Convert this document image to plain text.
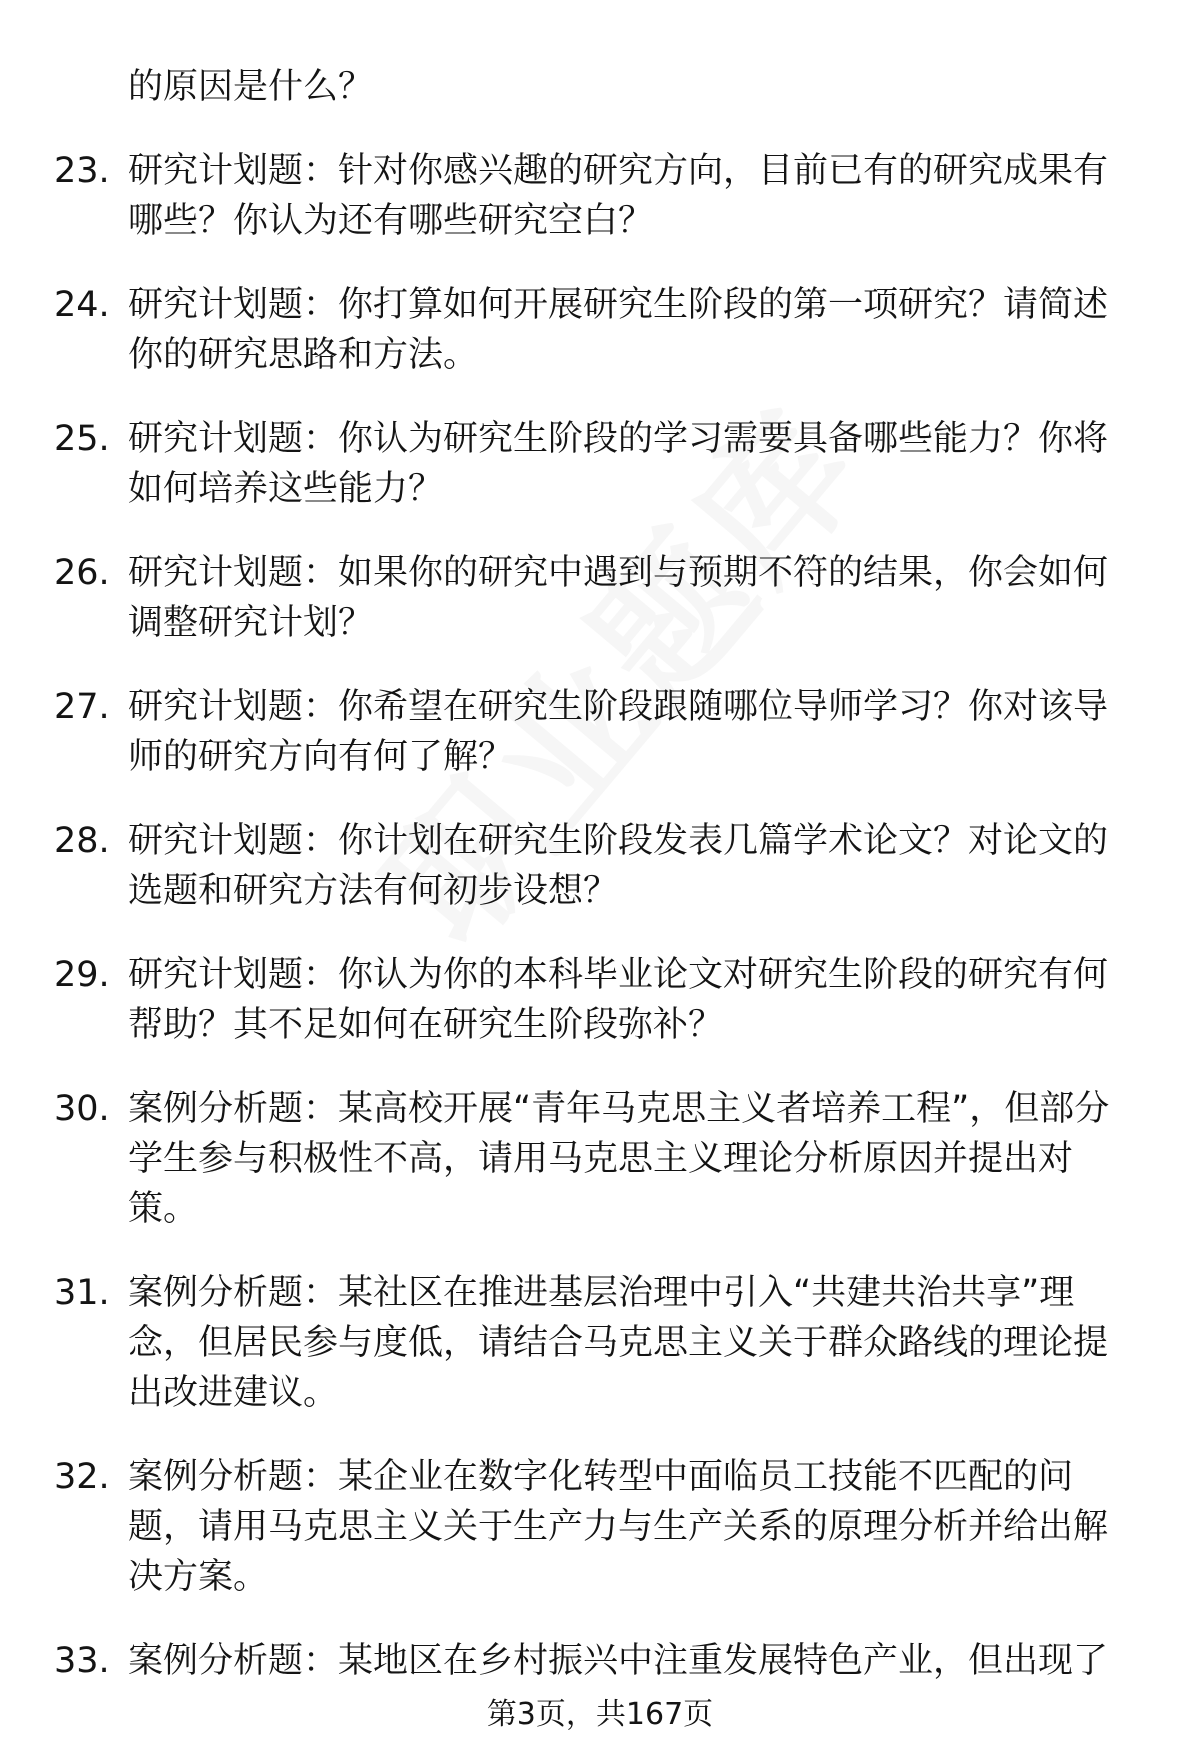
的原因是什么？
23. 研究计划题：针对你感兴趣的研究方向，目前已有的研究成果有哪些？你认为还有哪些研究空白？
24. 研究计划题：你打算如何开展研究生阶段的第一项研究？请简述你的研究思路和方法。
25. 研究计划题：你认为研究生阶段的学习需要具备哪些能力？你将如何培养这些能力？
26. 研究计划题：如果你的研究中遇到与预期不符的结果，你会如何调整研究计划？
27. 研究计划题：你希望在研究生阶段跟随哪位导师学习？你对该导师的研究方向有何了解？
28. 研究计划题：你计划在研究生阶段发表几篇学术论文？对论文的选题和研究方法有何初步设想？
29. 研究计划题：你认为你的本科毕业论文对研究生阶段的研究有何帮助？其不足如何在研究生阶段弥补？
30. 案例分析题：某高校开展“青年马克思主义者培养工程”，但部分学生参与积极性不高，请用马克思主义理论分析原因并提出对策。
31. 案例分析题：某社区在推进基层治理中引入“共建共治共享”理念，但居民参与度低，请结合马克思主义关于群众路线的理论提出改进建议。
32. 案例分析题：某企业在数字化转型中面临员工技能不匹配的问题，请用马克思主义关于生产力与生产关系的原理分析并给出解决方案。
33. 案例分析题：某地区在乡村振兴中注重发展特色产业，但出现了
第3页，共167页
